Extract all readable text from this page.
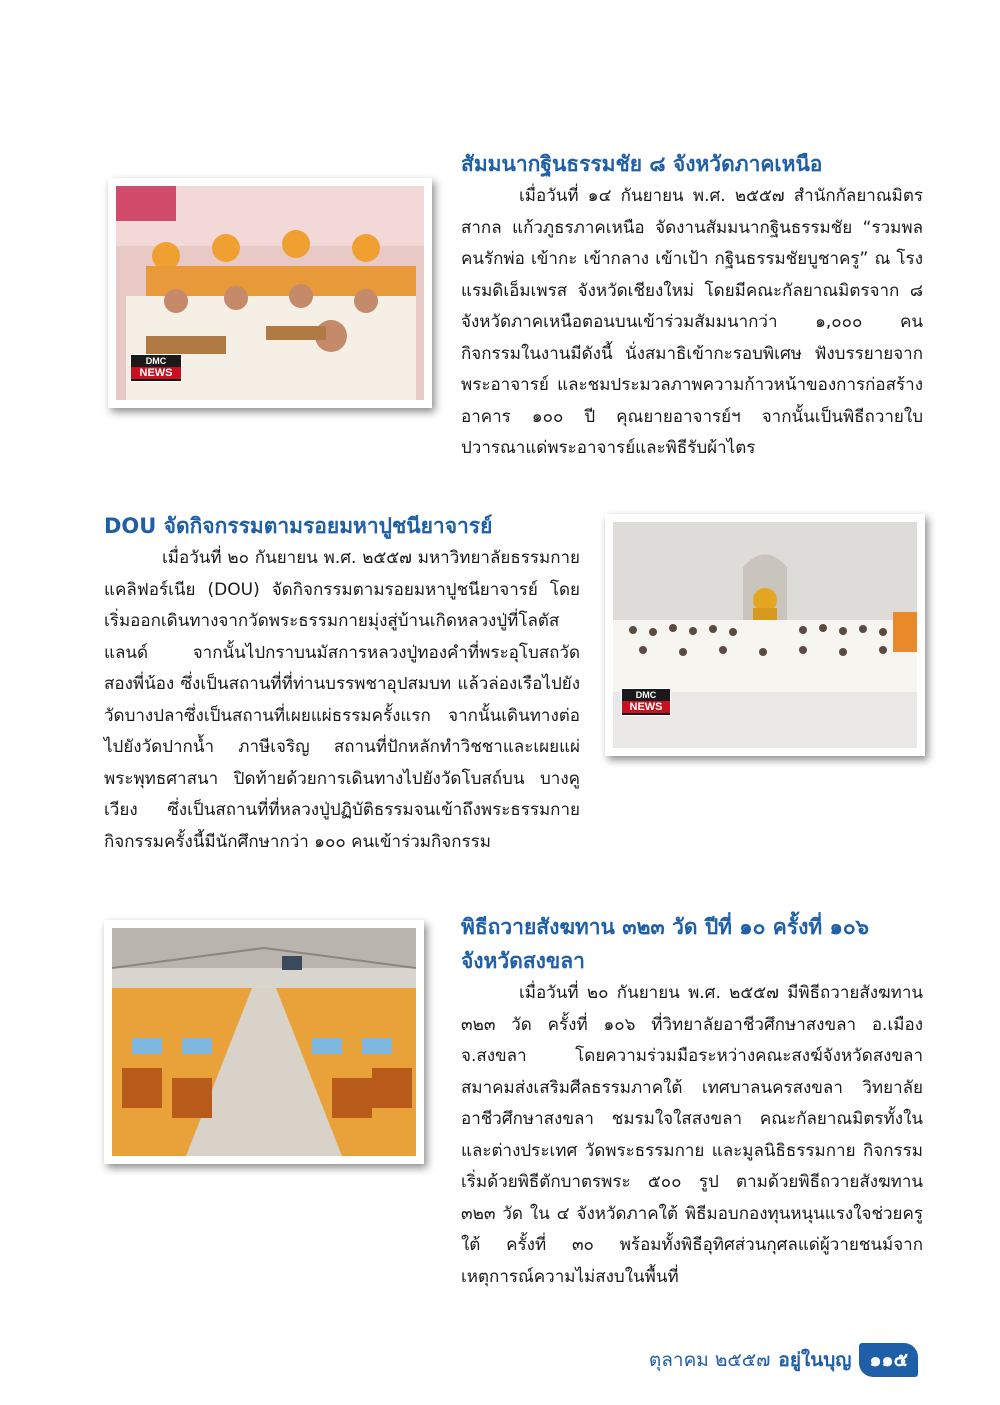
DMC
NEWS
สัมมนากฐินธรรมชัย ๘ จังหวัดภาคเหนือ

เมื่อวันที่ ๑๔ กันยายน พ.ศ. ๒๕๕๗ สำนักกัลยาณมิตรสากล แก้วภูธรภาคเหนือ จัดงานสัมมนากฐินธรรมชัย “รวมพลคนรักพ่อ เข้ากะ เข้ากลาง เข้าเป้า กฐินธรรมชัยบูชาครู” ณ โรงแรมดิเอ็มเพรส จังหวัดเชียงใหม่ โดยมีคณะกัลยาณมิตรจาก ๘ จังหวัดภาคเหนือตอนบนเข้าร่วมสัมมนากว่า ๑,๐๐๐ คน กิจกรรมในงานมีดังนี้ นั่งสมาธิเข้ากะรอบพิเศษ ฟังบรรยายจากพระอาจารย์ และชมประมวลภาพความก้าวหน้าของการก่อสร้างอาคาร ๑๐๐ ปี คุณยายอาจารย์ฯ จากนั้นเป็นพิธีถวายใบปวารณาแด่พระอาจารย์และพิธีรับผ้าไตร

DOU จัดกิจกรรมตามรอยมหาปูชนียาจารย์

เมื่อวันที่ ๒๐ กันยายน พ.ศ. ๒๕๕๗ มหาวิทยาลัยธรรมกาย แคลิฟอร์เนีย (DOU) จัดกิจกรรมตามรอยมหาปูชนียาจารย์ โดยเริ่มออกเดินทางจากวัดพระธรรมกายมุ่งสู่บ้านเกิดหลวงปู่ที่โลตัสแลนด์ จากนั้นไปกราบนมัสการหลวงปู่ทองคำที่พระอุโบสถวัดสองพี่น้อง ซึ่งเป็นสถานที่ที่ท่านบรรพชาอุปสมบท แล้วล่องเรือไปยังวัดบางปลาซึ่งเป็นสถานที่เผยแผ่ธรรมครั้งแรก จากนั้นเดินทางต่อไปยังวัดปากน้ำ ภาษีเจริญ สถานที่ปักหลักทำวิชชาและเผยแผ่พระพุทธศาสนา ปิดท้ายด้วยการเดินทางไปยังวัดโบสถ์บน บางคูเวียง ซึ่งเป็นสถานที่ที่หลวงปู่ปฏิบัติธรรมจนเข้าถึงพระธรรมกาย กิจกรรมครั้งนี้มีนักศึกษากว่า ๑๐๐ คนเข้าร่วมกิจกรรม

DMC
NEWS
พิธีถวายสังฆทาน ๓๒๓ วัด ปีที่ ๑๐ ครั้งที่ ๑๐๖ จังหวัดสงขลา

เมื่อวันที่ ๒๐ กันยายน พ.ศ. ๒๕๕๗ มีพิธีถวายสังฆทาน ๓๒๓ วัด ครั้งที่ ๑๐๖ ที่วิทยาลัยอาชีวศึกษาสงขลา อ.เมือง จ.สงขลา โดยความร่วมมือระหว่างคณะสงฆ์จังหวัดสงขลา สมาคมส่งเสริมศีลธรรมภาคใต้ เทศบาลนครสงขลา วิทยาลัยอาชีวศึกษาสงขลา ชมรมใจใสสงขลา คณะกัลยาณมิตรทั้งในและต่างประเทศ วัดพระธรรมกาย และมูลนิธิธรรมกาย กิจกรรมเริ่มด้วยพิธีตักบาตรพระ ๕๐๐ รูป ตามด้วยพิธีถวายสังฆทาน ๓๒๓ วัด ใน ๔ จังหวัดภาคใต้ พิธีมอบกองทุนหนุนแรงใจช่วยครูใต้ ครั้งที่ ๓๐ พร้อมทั้งพิธีอุทิศส่วนกุศลแด่ผู้วายชนม์จากเหตุการณ์ความไม่สงบในพื้นที่

ตุลาคม ๒๕๕๗ อยู่ในบุญ ๑๑๕
